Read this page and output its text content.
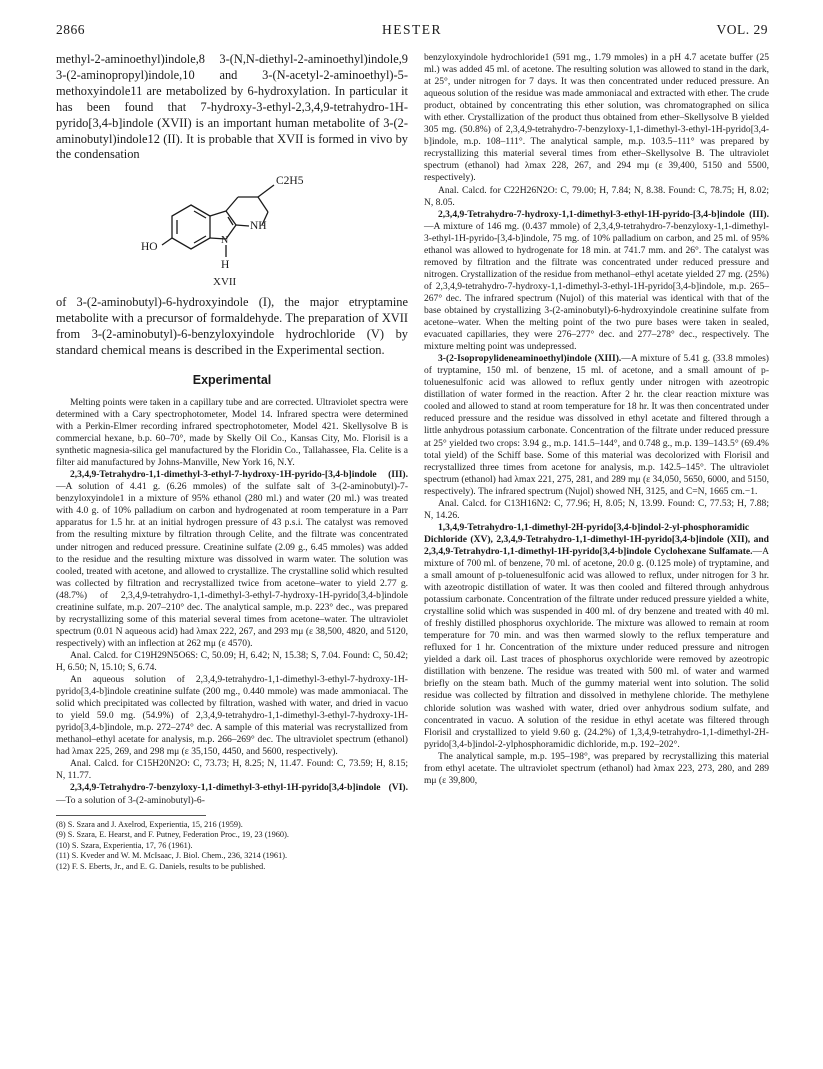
2866	HESTER	VOL. 29

methyl-2-aminoethyl)indole,8 3-(N,N-diethyl-2-aminoethyl)indole,9 3-(2-aminopropyl)indole,10 and 3-(N-acetyl-2-aminoethyl)-5-methoxyindole11 are metabolized by 6-hydroxylation. In particular it has been found that 7-hydroxy-3-ethyl-2,3,4,9-tetrahydro-1H-pyrido[3,4-b]indole (XVII) is an important human metabolite of 3-(2-aminobutyl)indole12 (II). It is probable that XVII is formed in vivo by the condensation

C2H5
NH
HO
N
H
XVII

of 3-(2-aminobutyl)-6-hydroxyindole (I), the major etryptamine metabolite with a precursor of formaldehyde. The preparation of XVII from 3-(2-aminobutyl)-6-benzyloxyindole hydrochloride (V) by standard chemical means is described in the Experimental section.

Experimental

Melting points were taken in a capillary tube and are corrected. Ultraviolet spectra were determined with a Cary spectrophotometer, Model 14. Infrared spectra were determined with a Perkin-Elmer recording infrared spectrophotometer, Model 421. Skellysolve B is commercial hexane, b.p. 60–70°, made by Skelly Oil Co., Kansas City, Mo. Florisil is a synthetic magnesia-silica gel manufactured by the Floridin Co., Tallahassee, Fla. Celite is a filter aid manufactured by Johns-Manville, New York 16, N.Y.

2,3,4,9-Tetrahydro-1,1-dimethyl-3-ethyl-7-hydroxy-1H-pyrido-[3,4-b]indole (III).—A solution of 4.41 g. (6.26 mmoles) of the sulfate salt of 3-(2-aminobutyl)-7-benzyloxyindole1 in a mixture of 95% ethanol (280 ml.) and water (20 ml.) was treated with 4.0 g. of 10% palladium on carbon and hydrogenated at room temperature in a Parr apparatus for 1.5 hr. at an initial hydrogen pressure of 43 p.s.i. The catalyst was removed from the resulting mixture by filtration through Celite, and the filtrate was concentrated under nitrogen and reduced pressure. Creatinine sulfate (2.09 g., 6.45 mmoles) was added to the residue and the resulting mixture was dissolved in warm water. The solution was cooled, treated with acetone, and allowed to crystallize. The crystalline solid which resulted was collected by filtration and recrystallized twice from acetone–water to yield 2.77 g. (48.7%) of 2,3,4,9-tetrahydro-1,1-dimethyl-3-ethyl-7-hydroxy-1H-pyrido[3,4-b]indole creatinine sulfate, m.p. 207–210° dec. The analytical sample, m.p. 223° dec., was prepared by recrystallizing some of this material several times from acetone–water. The ultraviolet spectrum (0.01 N aqueous acid) had λmax 222, 267, and 293 mμ (ε 38,500, 4820, and 5120, respectively) with an inflection at 262 mμ (ε 4570).

Anal. Calcd. for C19H29N5O6S: C, 50.09; H, 6.42; N, 15.38; S, 7.04. Found: C, 50.42; H, 6.50; N, 15.10; S, 6.74.

An aqueous solution of 2,3,4,9-tetrahydro-1,1-dimethyl-3-ethyl-7-hydroxy-1H-pyrido[3,4-b]indole creatinine sulfate (200 mg., 0.440 mmole) was made ammoniacal. The solid which precipitated was collected by filtration, washed with water, and dried in vacuo to yield 59.0 mg. (54.9%) of 2,3,4,9-tetrahydro-1,1-dimethyl-3-ethyl-7-hydroxy-1H-pyrido[3,4-b]indole, m.p. 272–274° dec. A sample of this material was recrystallized from methanol–ethyl acetate for analysis, m.p. 266–269° dec. The ultraviolet spectrum (ethanol) had λmax 225, 269, and 298 mμ (ε 35,150, 4450, and 5600, respectively).

Anal. Calcd. for C15H20N2O: C, 73.73; H, 8.25; N, 11.47. Found: C, 73.59; H, 8.15; N, 11.77.

2,3,4,9-Tetrahydro-7-benzyloxy-1,1-dimethyl-3-ethyl-1H-pyrido[3,4-b]indole (VI).—To a solution of 3-(2-aminobutyl)-6-

(8) S. Szara and J. Axelrod, Experientia, 15, 216 (1959).
(9) S. Szara, E. Hearst, and F. Putney, Federation Proc., 19, 23 (1960).
(10) S. Szara, Experientia, 17, 76 (1961).
(11) S. Kveder and W. M. McIsaac, J. Biol. Chem., 236, 3214 (1961).
(12) F. S. Eberts, Jr., and E. G. Daniels, results to be published.

benzyloxyindole hydrochloride1 (591 mg., 1.79 mmoles) in a pH 4.7 acetate buffer (25 ml.) was added 45 ml. of acetone. The resulting solution was allowed to stand in the dark, at 25°, under nitrogen for 7 days. It was then concentrated under reduced pressure. An aqueous solution of the residue was made ammoniacal and extracted with ether. The crude product, obtained by concentrating this ether solution, was chromatographed on silica with ether. Crystallization of the product thus obtained from ether–Skellysolve B yielded 305 mg. (50.8%) of 2,3,4,9-tetrahydro-7-benzyloxy-1,1-dimethyl-3-ethyl-1H-pyrido[3,4-b]indole, m.p. 108–111°. The analytical sample, m.p. 103.5–111° was prepared by recrystallizing this material several times from ether–Skellysolve B. The ultraviolet spectrum (ethanol) had λmax 228, 267, and 294 mμ (ε 39,400, 5150 and 5500, respectively).

Anal. Calcd. for C22H26N2O: C, 79.00; H, 7.84; N, 8.38. Found: C, 78.75; H, 8.02; N, 8.05.

2,3,4,9-Tetrahydro-7-hydroxy-1,1-dimethyl-3-ethyl-1H-pyrido-[3,4-b]indole (III).—A mixture of 146 mg. (0.437 mmole) of 2,3,4,9-tetrahydro-7-benzyloxy-1,1-dimethyl-3-ethyl-1H-pyrido-[3,4-b]indole, 75 mg. of 10% palladium on carbon, and 25 ml. of 95% ethanol was allowed to hydrogenate for 18 min. at 741.7 mm. and 26°. The catalyst was removed by filtration and the filtrate was concentrated under reduced pressure and nitrogen. Crystallization of the residue from methanol–ethyl acetate yielded 27 mg. (25%) of 2,3,4,9-tetrahydro-7-hydroxy-1,1-dimethyl-3-ethyl-1H-pyrido[3,4-b]indole, m.p. 265–267° dec. The infrared spectrum (Nujol) of this material was identical with that of the base obtained by crystallizing 3-(2-aminobutyl)-6-hydroxyindole creatinine sulfate from acetone–water. When the melting point of the two pure bases were taken in sealed, evacuated capillaries, they were 276–277° dec. and 277–278° dec., respectively. The mixture melting point was undepressed.

3-(2-Isopropylideneaminoethyl)indole (XIII).—A mixture of 5.41 g. (33.8 mmoles) of tryptamine, 150 ml. of benzene, 15 ml. of acetone, and a small amount of p-toluenesulfonic acid was allowed to reflux gently under nitrogen with azeotropic distillation of water formed in the reaction. After 2 hr. the clear reaction mixture was cooled and allowed to stand at room temperature for 18 hr. It was then concentrated under reduced pressure and the residue was dissolved in ethyl acetate and filtered through a little anhydrous potassium carbonate. Concentration of the filtrate under reduced pressure at 25° yielded two crops: 3.94 g., m.p. 141.5–144°, and 0.748 g., m.p. 139–143.5° (69.4% total yield) of the Schiff base. Some of this material was decolorized with Florisil and recrystallized three times from acetone for analysis, m.p. 142.5–145°. The ultraviolet spectrum (ethanol) had λmax 221, 275, 281, and 289 mμ (ε 34,050, 5650, 6000, and 5150, respectively). The infrared spectrum (Nujol) showed NH, 3125, and C=N, 1665 cm.−1.

Anal. Calcd. for C13H16N2: C, 77.96; H, 8.05; N, 13.99. Found: C, 77.53; H, 7.88; N, 14.26.

1,3,4,9-Tetrahydro-1,1-dimethyl-2H-pyrido[3,4-b]indol-2-yl-phosphoramidic Dichloride (XV), 2,3,4,9-Tetrahydro-1,1-dimethyl-1H-pyrido[3,4-b]indole (XII), and 2,3,4,9-Tetrahydro-1,1-dimethyl-1H-pyrido[3,4-b]indole Cyclohexane Sulfamate.—A mixture of 700 ml. of benzene, 70 ml. of acetone, 20.0 g. (0.125 mole) of tryptamine, and a small amount of p-toluenesulfonic acid was allowed to reflux, under nitrogen for 3 hr. with azeotropic distillation of water. It was then cooled and filtered through anhydrous potassium carbonate. Concentration of the filtrate under reduced pressure yielded a white, crystalline solid which was suspended in 400 ml. of dry benzene and treated with 40 ml. of freshly distilled phosphorus oxychloride. The mixture was allowed to remain at room temperature for 70 min. and was then warmed slowly to the reflux temperature and refluxed for 1 hr. Concentration of the mixture under reduced pressure and nitrogen yielded a dark oil. Last traces of phosphorus oxychloride were removed by azeotropic distillation with benzene. The residue was treated with 500 ml. of water and warmed briefly on the steam bath. Much of the gummy material went into solution. The solid residue was collected by filtration and dissolved in methylene chloride. The methylene chloride solution was washed with water, dried over anhydrous sodium sulfate, and concentrated in vacuo. A solution of the residue in ethyl acetate was filtered through Florisil and crystallized to yield 9.60 g. (24.2%) of 1,3,4,9-tetrahydro-1,1-dimethyl-2H-pyrido[3,4-b]indol-2-ylphosphoramidic dichloride, m.p. 192–202°.

The analytical sample, m.p. 195–198°, was prepared by recrystallizing this material from ethyl acetate. The ultraviolet spectrum (ethanol) had λmax 223, 273, 280, and 289 mμ (ε 39,800,
